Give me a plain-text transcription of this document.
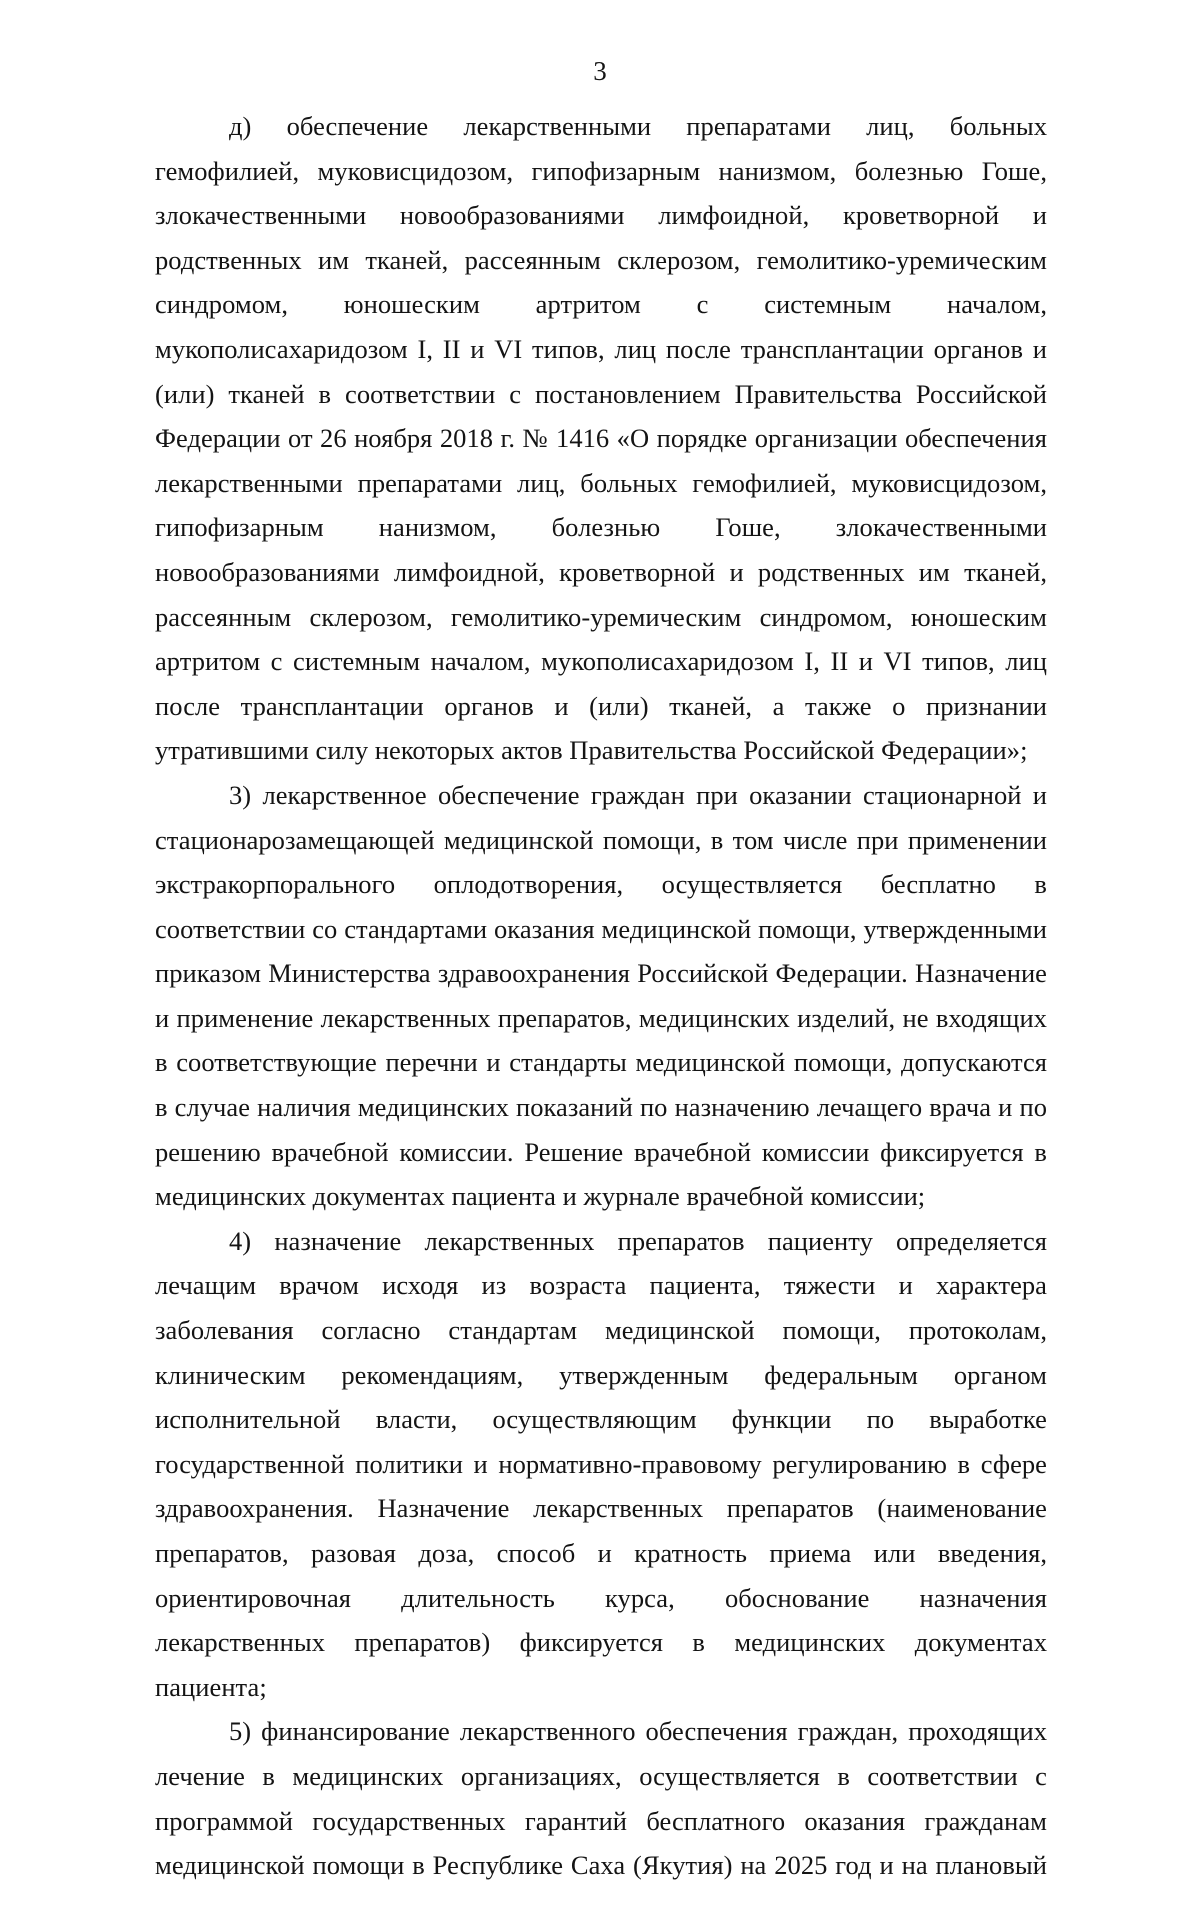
3

д) обеспечение лекарственными препаратами лиц, больных гемофилией, муковисцидозом, гипофизарным нанизмом, болезнью Гоше, злокачественными новообразованиями лимфоидной, кроветворной и родственных им тканей, рассеянным склерозом, гемолитико-уремическим синдромом, юношеским артритом с системным началом, мукополисахаридозом I, II и VI типов, лиц после трансплантации органов и (или) тканей в соответствии с постановлением Правительства Российской Федерации от 26 ноября 2018 г. № 1416 «О порядке организации обеспечения лекарственными препаратами лиц, больных гемофилией, муковисцидозом, гипофизарным нанизмом, болезнью Гоше, злокачественными новообразованиями лимфоидной, кроветворной и родственных им тканей, рассеянным склерозом, гемолитико-уремическим синдромом, юношеским артритом с системным началом, мукополисахаридозом I, II и VI типов, лиц после трансплантации органов и (или) тканей, а также о признании утратившими силу некоторых актов Правительства Российской Федерации»;

3) лекарственное обеспечение граждан при оказании стационарной и стационарозамещающей медицинской помощи, в том числе при применении экстракорпорального оплодотворения, осуществляется бесплатно в соответствии со стандартами оказания медицинской помощи, утвержденными приказом Министерства здравоохранения Российской Федерации. Назначение и применение лекарственных препаратов, медицинских изделий, не входящих в соответствующие перечни и стандарты медицинской помощи, допускаются в случае наличия медицинских показаний по назначению лечащего врача и по решению врачебной комиссии. Решение врачебной комиссии фиксируется в медицинских документах пациента и журнале врачебной комиссии;

4) назначение лекарственных препаратов пациенту определяется лечащим врачом исходя из возраста пациента, тяжести и характера заболевания согласно стандартам медицинской помощи, протоколам, клиническим рекомендациям, утвержденным федеральным органом исполнительной власти, осуществляющим функции по выработке государственной политики и нормативно-правовому регулированию в сфере здравоохранения. Назначение лекарственных препаратов (наименование препаратов, разовая доза, способ и кратность приема или введения, ориентировочная длительность курса, обоснование назначения лекарственных препаратов) фиксируется в медицинских документах пациента;

5) финансирование лекарственного обеспечения граждан, проходящих лечение в медицинских организациях, осуществляется в соответствии с программой государственных гарантий бесплатного оказания гражданам медицинской помощи в Республике Саха (Якутия) на 2025 год и на плановый
